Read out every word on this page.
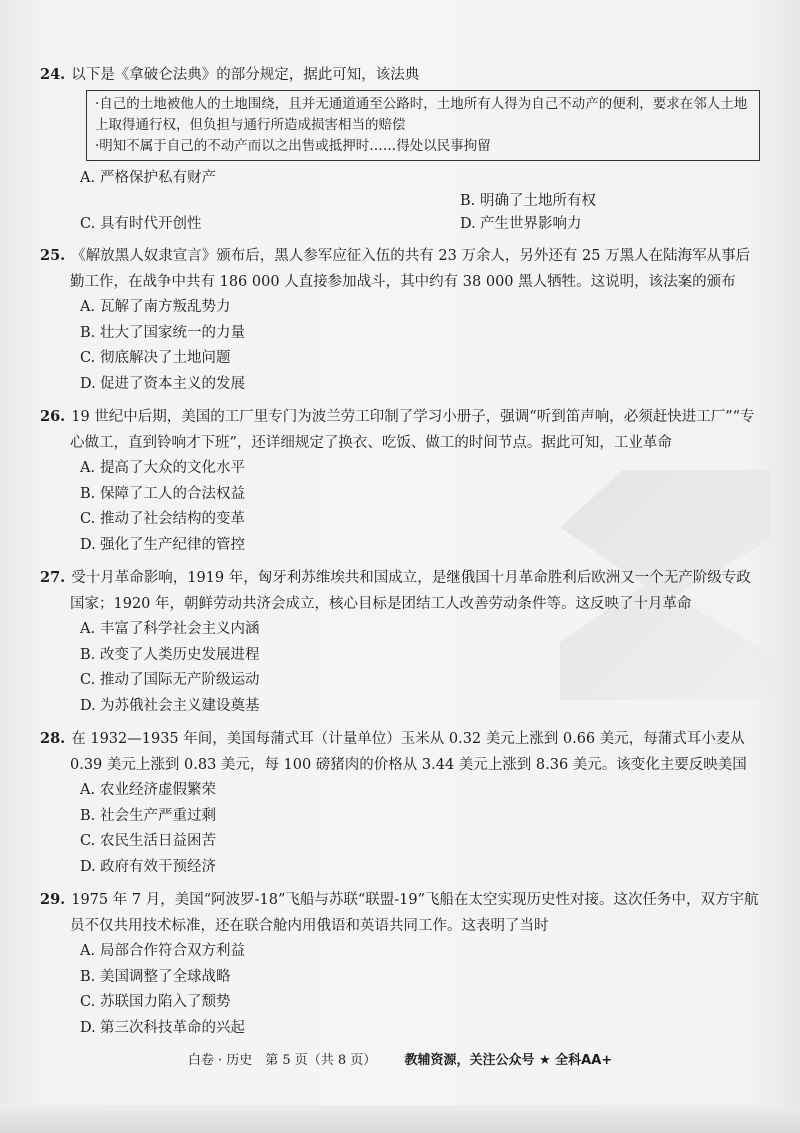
24. 以下是《拿破仑法典》的部分规定，据此可知，该法典

·自己的土地被他人的土地围绕，且并无通道通至公路时，土地所有人得为自己不动产的便利，要求在邻人土地上取得通行权，但负担与通行所造成损害相当的赔偿

·明知不属于自己的不动产而以之出售或抵押时……得处以民事拘留

A. 严格保护私有财产
B. 明确了土地所有权
C. 具有时代开创性	D. 产生世界影响力

25. 《解放黑人奴隶宣言》颁布后，黑人参军应征入伍的共有 23 万余人，另外还有 25 万黑人在陆海军从事后勤工作，在战争中共有 186 000 人直接参加战斗，其中约有 38 000 黑人牺牲。这说明，该法案的颁布

A. 瓦解了南方叛乱势力
B. 壮大了国家统一的力量
C. 彻底解决了土地问题
D. 促进了资本主义的发展

26. 19 世纪中后期，美国的工厂里专门为波兰劳工印制了学习小册子，强调“听到笛声响，必须赶快进工厂”“专心做工，直到铃响才下班”，还详细规定了换衣、吃饭、做工的时间节点。据此可知，工业革命

A. 提高了大众的文化水平
B. 保障了工人的合法权益
C. 推动了社会结构的变革
D. 强化了生产纪律的管控

27. 受十月革命影响，1919 年，匈牙利苏维埃共和国成立，是继俄国十月革命胜利后欧洲又一个无产阶级专政国家；1920 年，朝鲜劳动共济会成立，核心目标是团结工人改善劳动条件等。这反映了十月革命

A. 丰富了科学社会主义内涵
B. 改变了人类历史发展进程
C. 推动了国际无产阶级运动
D. 为苏俄社会主义建设奠基

28. 在 1932—1935 年间，美国每蒲式耳（计量单位）玉米从 0.32 美元上涨到 0.66 美元，每蒲式耳小麦从 0.39 美元上涨到 0.83 美元，每 100 磅猪肉的价格从 3.44 美元上涨到 8.36 美元。该变化主要反映美国

A. 农业经济虚假繁荣
B. 社会生产严重过剩
C. 农民生活日益困苦
D. 政府有效干预经济

29. 1975 年 7 月，美国“阿波罗-18”飞船与苏联“联盟-19”飞船在太空实现历史性对接。这次任务中，双方宇航员不仅共用技术标准，还在联合舱内用俄语和英语共同工作。这表明了当时

A. 局部合作符合双方利益
B. 美国调整了全球战略
C. 苏联国力陷入了颓势
D. 第三次科技革命的兴起
白卷 · 历史　第 5 页（共 8 页） 教辅资源，关注公众号 ★ 全科AA+
